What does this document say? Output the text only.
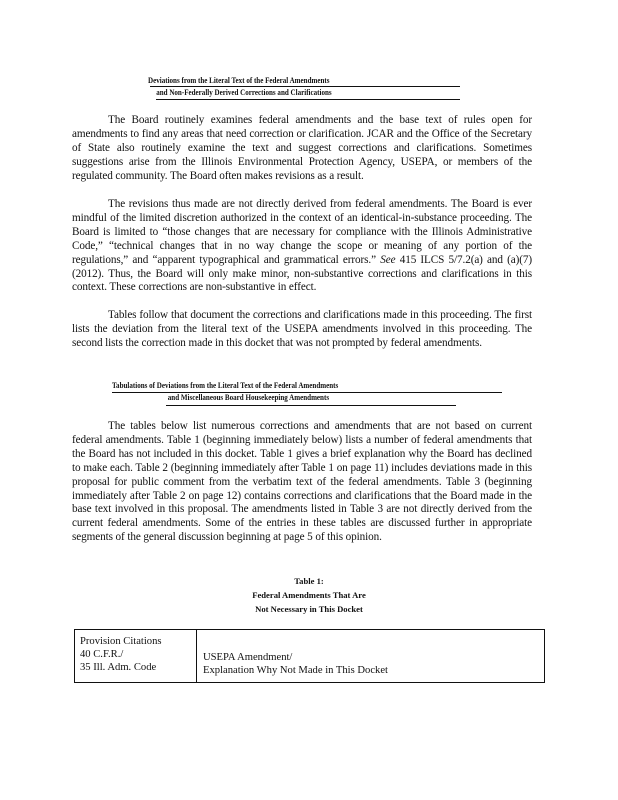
Deviations from the Literal Text of the Federal Amendments
and Non-Federally Derived Corrections and Clarifications
The Board routinely examines federal amendments and the base text of rules open for amendments to find any areas that need correction or clarification. JCAR and the Office of the Secretary of State also routinely examine the text and suggest corrections and clarifications. Sometimes suggestions arise from the Illinois Environmental Protection Agency, USEPA, or members of the regulated community. The Board often makes revisions as a result.
The revisions thus made are not directly derived from federal amendments. The Board is ever mindful of the limited discretion authorized in the context of an identical-in-substance proceeding. The Board is limited to “those changes that are necessary for compliance with the Illinois Administrative Code,” “technical changes that in no way change the scope or meaning of any portion of the regulations,” and “apparent typographical and grammatical errors.” See 415 ILCS 5/7.2(a) and (a)(7) (2012). Thus, the Board will only make minor, non-substantive corrections and clarifications in this context. These corrections are non-substantive in effect.
Tables follow that document the corrections and clarifications made in this proceeding. The first lists the deviation from the literal text of the USEPA amendments involved in this proceeding. The second lists the correction made in this docket that was not prompted by federal amendments.
Tabulations of Deviations from the Literal Text of the Federal Amendments
and Miscellaneous Board Housekeeping Amendments
The tables below list numerous corrections and amendments that are not based on current federal amendments. Table 1 (beginning immediately below) lists a number of federal amendments that the Board has not included in this docket. Table 1 gives a brief explanation why the Board has declined to make each. Table 2 (beginning immediately after Table 1 on page 11) includes deviations made in this proposal for public comment from the verbatim text of the federal amendments. Table 3 (beginning immediately after Table 2 on page 12) contains corrections and clarifications that the Board made in the base text involved in this proposal. The amendments listed in Table 3 are not directly derived from the current federal amendments. Some of the entries in these tables are discussed further in appropriate segments of the general discussion beginning at page 5 of this opinion.
Table 1:
Federal Amendments That Are
Not Necessary in This Docket
Provision Citations
40 C.F.R./
35 Ill. Adm. Code
USEPA Amendment/
Explanation Why Not Made in This Docket
